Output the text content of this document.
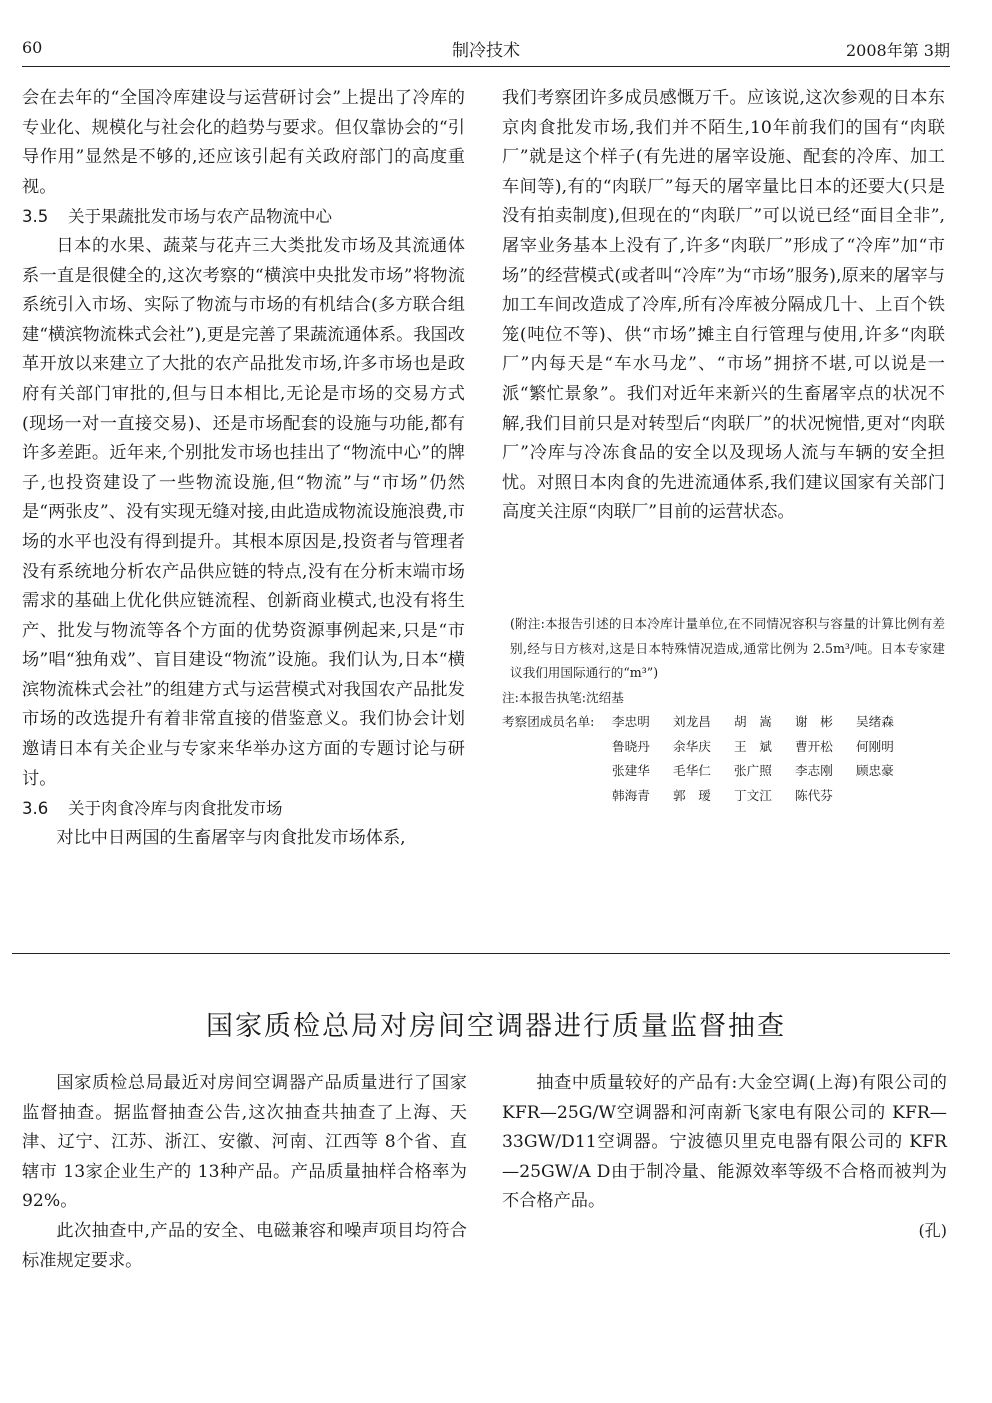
60	制冷技术	2008年第 3期

会在去年的“全国冷库建设与运营研讨会”上提出了冷库的专业化、规模化与社会化的趋势与要求。但仅靠协会的“引导作用”显然是不够的,还应该引起有关政府部门的高度重视。

3.5 关于果蔬批发市场与农产品物流中心

日本的水果、蔬菜与花卉三大类批发市场及其流通体系一直是很健全的,这次考察的“横滨中央批发市场”将物流系统引入市场、实际了物流与市场的有机结合(多方联合组建“横滨物流株式会社”),更是完善了果蔬流通体系。我国改革开放以来建立了大批的农产品批发市场,许多市场也是政府有关部门审批的,但与日本相比,无论是市场的交易方式(现场一对一直接交易)、还是市场配套的设施与功能,都有许多差距。近年来,个别批发市场也挂出了“物流中心”的牌子,也投资建设了一些物流设施,但“物流”与“市场”仍然是“两张皮”、没有实现无缝对接,由此造成物流设施浪费,市场的水平也没有得到提升。其根本原因是,投资者与管理者没有系统地分析农产品供应链的特点,没有在分析末端市场需求的基础上优化供应链流程、创新商业模式,也没有将生产、批发与物流等各个方面的优势资源事例起来,只是“市场”唱“独角戏”、盲目建设“物流”设施。我们认为,日本“横滨物流株式会社”的组建方式与运营模式对我国农产品批发市场的改选提升有着非常直接的借鉴意义。我们协会计划邀请日本有关企业与专家来华举办这方面的专题讨论与研讨。

3.6 关于肉食冷库与肉食批发市场

对比中日两国的生畜屠宰与肉食批发市场体系,

我们考察团许多成员感慨万千。应该说,这次参观的日本东京肉食批发市场,我们并不陌生,10年前我们的国有“肉联厂”就是这个样子(有先进的屠宰设施、配套的冷库、加工车间等),有的“肉联厂”每天的屠宰量比日本的还要大(只是没有拍卖制度),但现在的“肉联厂”可以说已经“面目全非”,屠宰业务基本上没有了,许多“肉联厂”形成了“冷库”加“市场”的经营模式(或者叫“冷库”为“市场”服务),原来的屠宰与加工车间改造成了冷库,所有冷库被分隔成几十、上百个铁笼(吨位不等)、供“市场”摊主自行管理与使用,许多“肉联厂”内每天是“车水马龙”、“市场”拥挤不堪,可以说是一派“繁忙景象”。我们对近年来新兴的生畜屠宰点的状况不解,我们目前只是对转型后“肉联厂”的状况惋惜,更对“肉联厂”冷库与冷冻食品的安全以及现场人流与车辆的安全担忧。对照日本肉食的先进流通体系,我们建议国家有关部门高度关注原“肉联厂”目前的运营状态。

(附注:本报告引述的日本冷库计量单位,在不同情况容积与容量的计算比例有差别,经与日方核对,这是日本特殊情况造成,通常比例为 2.5m³/吨。日本专家建议我们用国际通行的“m³”)

注:本报告执笔:沈绍基

考察团成员名单:	李忠明	刘龙昌	胡　嵩	谢　彬	吴绪森
鲁晓丹	余华庆	王　斌	曹开松	何刚明
张建华	毛华仁	张广照	李志刚	顾忠豪
韩海青	郭　瑷	丁文江	陈代芬
国家质检总局对房间空调器进行质量监督抽查

国家质检总局最近对房间空调器产品质量进行了国家监督抽查。据监督抽查公告,这次抽查共抽查了上海、天津、辽宁、江苏、浙江、安徽、河南、江西等 8个省、直辖市 13家企业生产的 13种产品。产品质量抽样合格率为 92%。

此次抽查中,产品的安全、电磁兼容和噪声项目均符合标准规定要求。

抽查中质量较好的产品有:大金空调(上海)有限公司的 KFR—25G/W空调器和河南新飞家电有限公司的 KFR—33GW/D11空调器。宁波德贝里克电器有限公司的 KFR—25GW/A D由于制冷量、能源效率等级不合格而被判为不合格产品。

(孔)
